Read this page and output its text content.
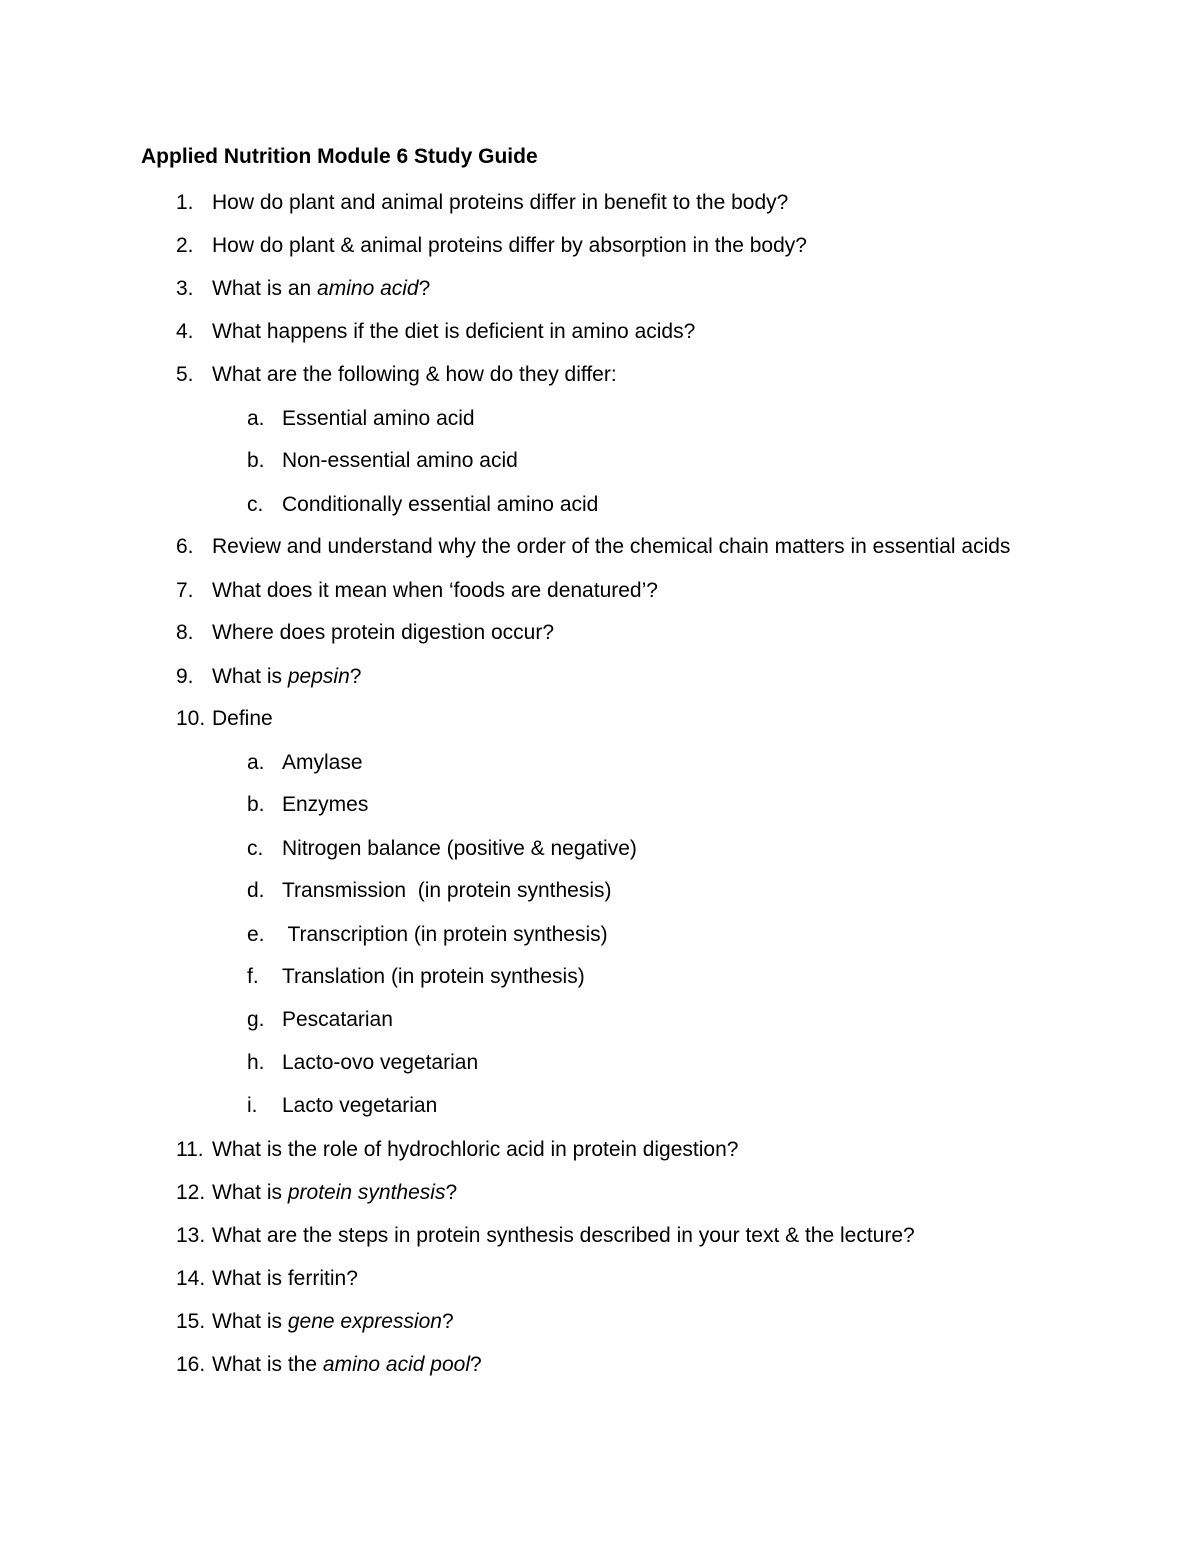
Applied Nutrition Module 6 Study Guide
1. How do plant and animal proteins differ in benefit to the body?
2. How do plant & animal proteins differ by absorption in the body?
3. What is an amino acid?
4. What happens if the diet is deficient in amino acids?
5. What are the following & how do they differ:
a. Essential amino acid
b. Non-essential amino acid
c. Conditionally essential amino acid
6. Review and understand why the order of the chemical chain matters in essential acids
7. What does it mean when ‘foods are denatured’?
8. Where does protein digestion occur?
9. What is pepsin?
10. Define
a. Amylase
b. Enzymes
c. Nitrogen balance (positive & negative)
d. Transmission  (in protein synthesis)
e. Transcription (in protein synthesis)
f. Translation (in protein synthesis)
g. Pescatarian
h. Lacto-ovo vegetarian
i. Lacto vegetarian
11. What is the role of hydrochloric acid in protein digestion?
12. What is protein synthesis?
13. What are the steps in protein synthesis described in your text & the lecture?
14. What is ferritin?
15. What is gene expression?
16. What is the amino acid pool?
